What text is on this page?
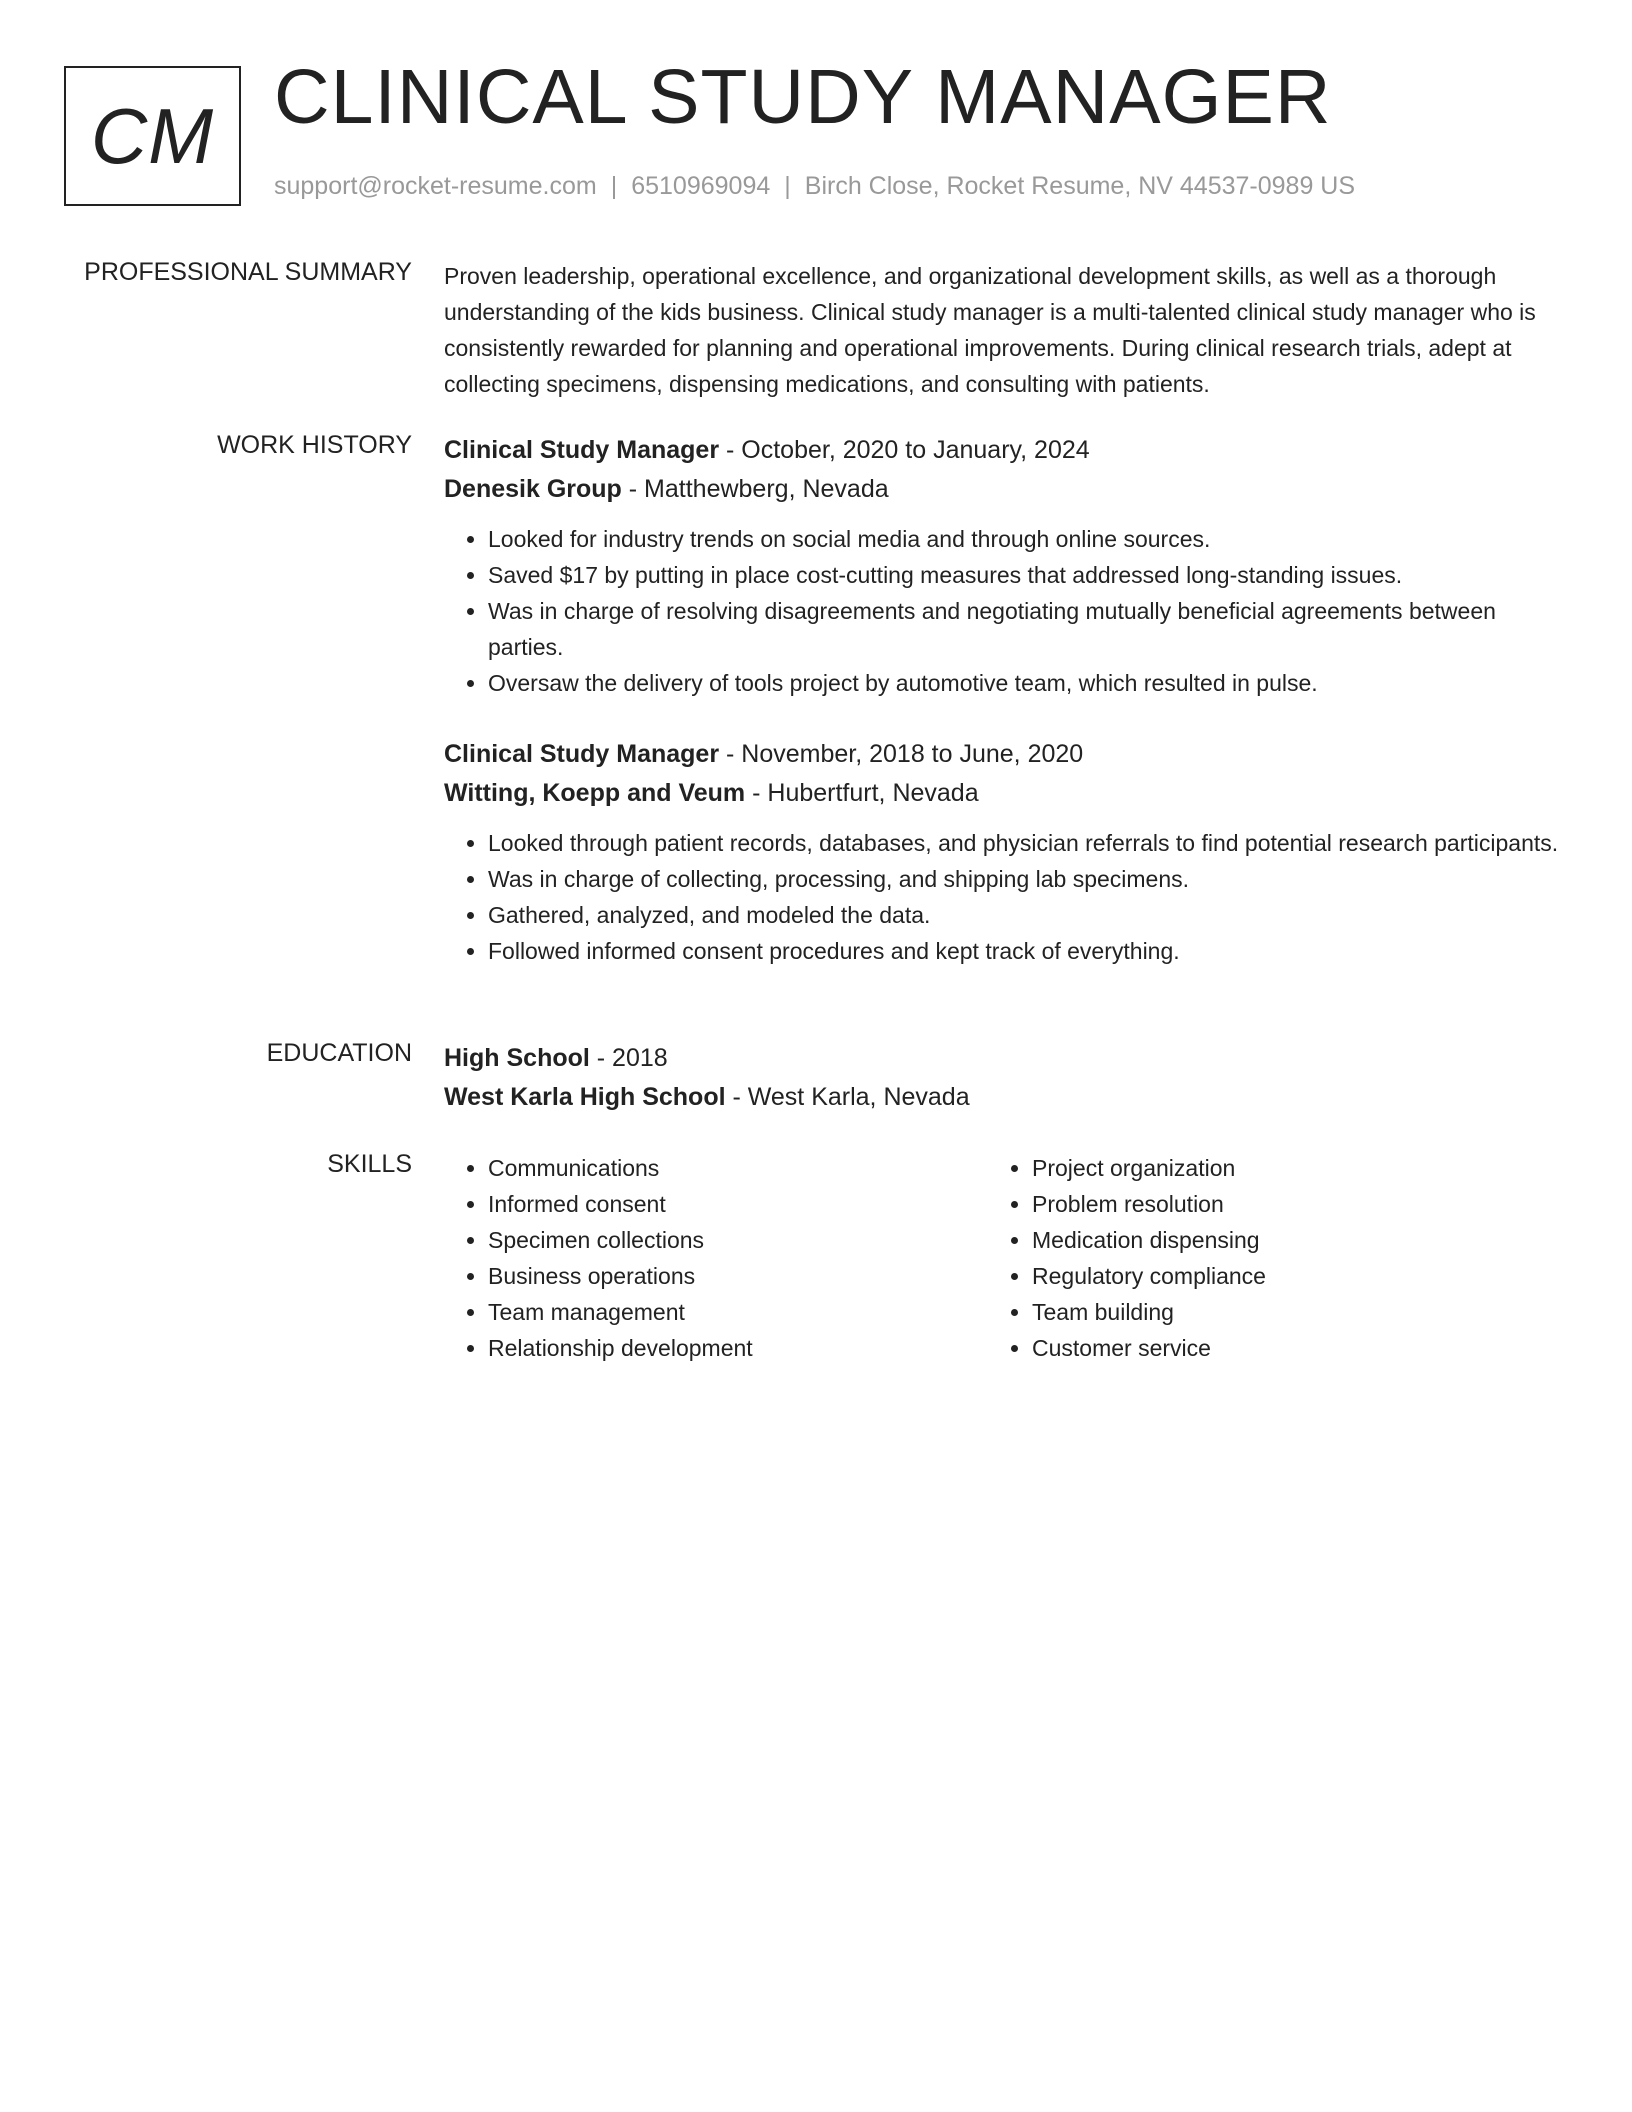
CM CLINICAL STUDY MANAGER
support@rocket-resume.com | 6510969094 | Birch Close, Rocket Resume, NV 44537-0989 US
PROFESSIONAL SUMMARY Proven leadership, operational excellence, and organizational development skills, as well as a thorough understanding of the kids business. Clinical study manager is a multi-talented clinical study manager who is consistently rewarded for planning and operational improvements. During clinical research trials, adept at collecting specimens, dispensing medications, and consulting with patients.

WORK HISTORY Clinical Study Manager - October, 2020 to January, 2024
Denesik Group - Matthewberg, Nevada
• Looked for industry trends on social media and through online sources.
• Saved $17 by putting in place cost-cutting measures that addressed long-standing issues.
• Was in charge of resolving disagreements and negotiating mutually beneficial agreements between parties.
• Oversaw the delivery of tools project by automotive team, which resulted in pulse.
Clinical Study Manager - November, 2018 to June, 2020
Witting, Koepp and Veum - Hubertfurt, Nevada
• Looked through patient records, databases, and physician referrals to find potential research participants.
• Was in charge of collecting, processing, and shipping lab specimens.
• Gathered, analyzed, and modeled the data.
• Followed informed consent procedures and kept track of everything.
EDUCATION High School - 2018
West Karla High School - West Karla, Nevada
SKILLS
•	Communications
• Informed consent
• Specimen collections
• Business operations
• Team management
• Relationship development
• Project organization
• Problem resolution
• Medication dispensing
• Regulatory compliance
• Team building
• Customer service
